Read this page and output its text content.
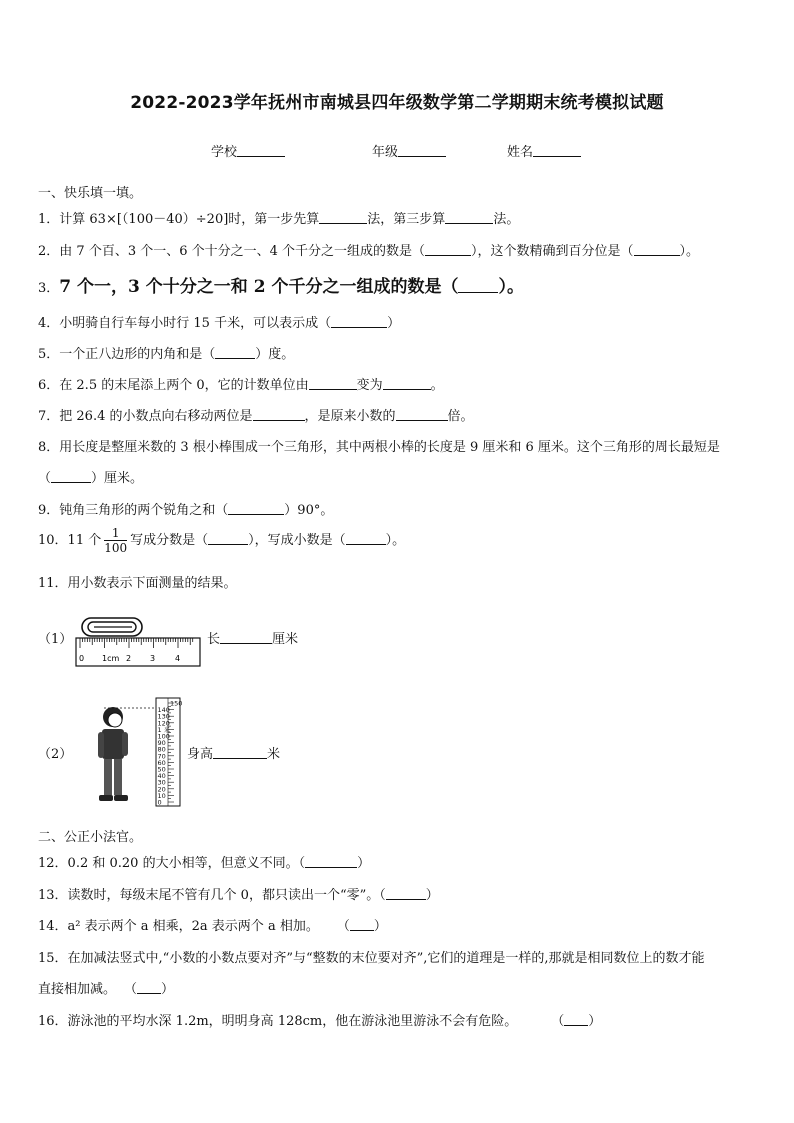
2022-2023学年抚州市南城县四年级数学第二学期期末统考模拟试题
学校	年级	姓名
一、快乐填一填。
1．计算 63×[（100－40）÷20]时，第一步先算	法，第三步算	法。
2．由 7 个百、3 个一、6 个十分之一、4 个千分之一组成的数是（	），这个数精确到百分位是（	）。
3．7 个一，3 个十分之一和 2 个千分之一组成的数是（ ）。
4．小明骑自行车每小时行 15 千米，可以表示成（	）
5．一个正八边形的内角和是（	）度。
6．在 2.5 的末尾添上两个 0，它的计数单位由	变为	。
7．把 26.4 的小数点向右移动两位是	，是原来小数的	倍。
8．用长度是整厘米数的 3 根小棒围成一个三角形，其中两根小棒的长度是 9 厘米和 6 厘米。这个三角形的周长最短是
（	）厘米。
9．钝角三角形的两个锐角之和（	）90°。
10．11 个 $\frac{1}{100}$ 写成分数是（	），写成小数是（	）。
11．用小数表示下面测量的结果。
（1）
0 1cm 2 3 4
长	厘米
（2）
150
140
130
120
1 米
100
90
80
70
60
50
40
30
20
10
0
身高	米
二、公正小法官。
12．0.2 和 0.20 的大小相等，但意义不同。（	）
13．读数时，每级末尾不管有几个 0，都只读出一个“零”。（	）
14．a² 表示两个 a 相乘，2a 表示两个 a 相加。 （ ）
15．在加减法竖式中,“小数的小数点要对齐”与“整数的末位要对齐”,它们的道理是一样的,那就是相同数位上的数才能
直接相加减。 （ ）
16．游泳池的平均水深 1.2m，明明身高 128cm，他在游泳池里游泳不会有危险。	（ ）
